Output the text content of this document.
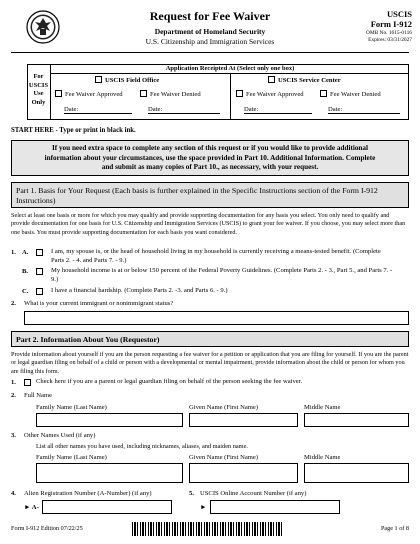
Request for Fee Waiver
Department of Homeland Security
U.S. Citizenship and Immigration Services
USCIS
Form I-912
OMB No. 1615-0116
Expires: 03/31/2027
For USCIS Use Only
Application Receipted At (Select only one box)
USCIS Field Office	USCIS Service Center
Fee Waiver Approved	Fee Waiver Denied	Fee Waiver Approved	Fee Waiver Denied
Date:	Date:	Date:	Date:
START HERE - Type or print in black ink.
If you need extra space to complete any section of this request or if you would like to provide additional information about your circumstances, use the space provided in Part 10. Additional Information. Complete and submit as many copies of Part 10., as necessary, with your request.
Part 1. Basis for Your Request (Each basis is further explained in the Specific Instructions section of the Form I-912 Instructions)
Select at least one basis or more for which you may qualify and provide supporting documentation for any basis you select. You only need to qualify and provide documentation for one basis for U.S. Citizenship and Immigration Services (USCIS) to grant your fee waiver. If you choose, you may select more than one basis. You must provide supporting documentation for each basis you want considered.
1. A.	I am, my spouse is, or the head of household living in my household is currently receiving a means-tested benefit. (Complete Parts 2. - 4. and Parts 7. - 9.)
B.	My household income is at or below 150 percent of the Federal Poverty Guidelines. (Complete Parts 2. - 3., Part 5., and Parts 7. - 9.)
C.	I have a financial hardship. (Complete Parts 2. -3. and Parts 6. - 9.)
2. What is your current immigrant or nonimmigrant status?
Part 2. Information About You (Requestor)
Provide information about yourself if you are the person requesting a fee waiver for a petition or application that you are filing for yourself. If you are the parent or legal guardian filing on behalf of a child or person with a developmental or mental impairment, provide information about the child or person for whom you are filing this form.
1.	Check here if you are a parent or legal guardian filing on behalf of the person seeking the fee waiver.
2. Full Name
Family Name (Last Name)	Given Name (First Name)	Middle Name
3. Other Names Used (if any)
List all other names you have used, including nicknames, aliases, and maiden name.
Family Name (Last Name)	Given Name (First Name)	Middle Name
4. Alien Registration Number (A-Number) (if any)
► A-
5. USCIS Online Account Number (if any)
►
Form I-912 Edition 07/22/25	Page 1 of 8
